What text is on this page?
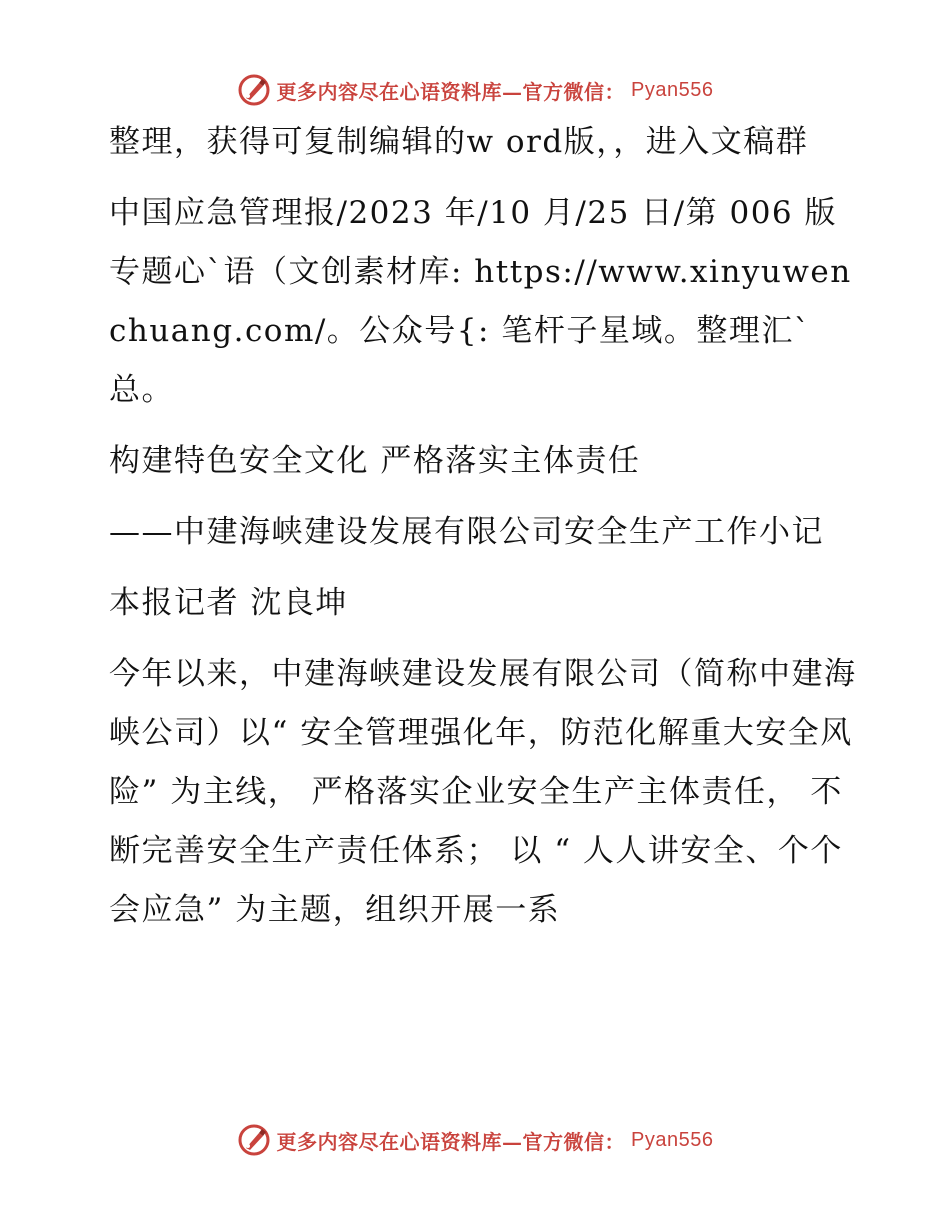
更多内容尽在心语资料库—官方微信： Pyan556

整理，获得可复制编辑的w ord版，，进入文稿群

中国应急管理报/2023 年/10 月/25 日/第 006 版专题心`语（文创素材库: https://www.xinyuwenchuang.com/。公众号{: 笔杆子星域。整理汇`总。

构建特色安全文化 严格落实主体责任

——中建海峡建设发展有限公司安全生产工作小记

本报记者 沈良坤

今年以来，中建海峡建设发展有限公司（简称中建海峡公司）以“ 安全管理强化年，防范化解重大安全风险” 为主线， 严格落实企业安全生产主体责任， 不断完善安全生产责任体系； 以 “ 人人讲安全、个个会应急” 为主题，组织开展一系

更多内容尽在心语资料库—官方微信： Pyan556
